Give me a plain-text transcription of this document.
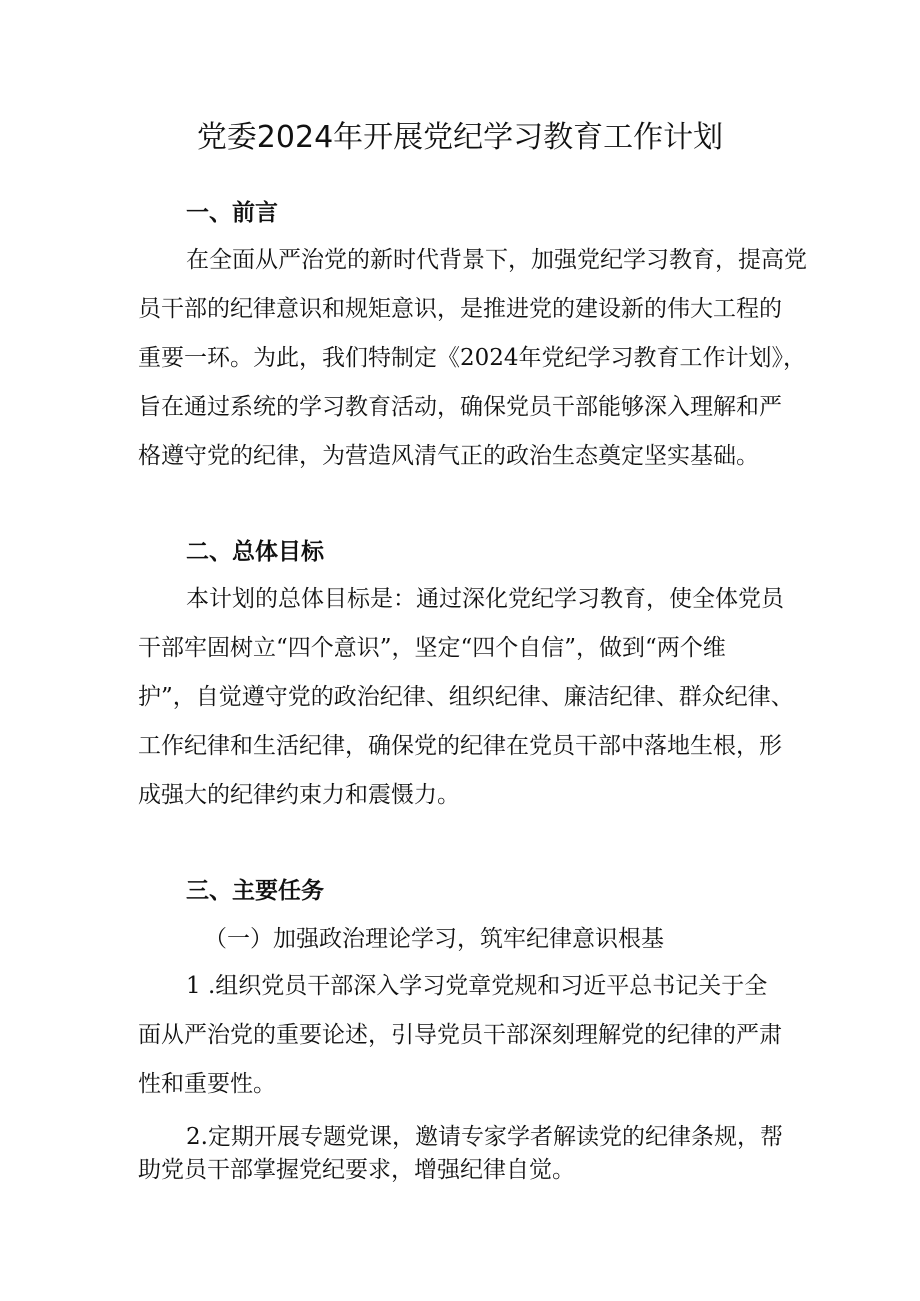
党委2024年开展党纪学习教育工作计划
一、前言
在全面从严治党的新时代背景下，加强党纪学习教育，提高党
员干部的纪律意识和规矩意识，是推进党的建设新的伟大工程的
重要一环。为此，我们特制定《2024年党纪学习教育工作计划》，
旨在通过系统的学习教育活动，确保党员干部能够深入理解和严
格遵守党的纪律，为营造风清气正的政治生态奠定坚实基础。
二、总体目标
本计划的总体目标是：通过深化党纪学习教育，使全体党员
干部牢固树立“四个意识”，坚定“四个自信”，做到“两个维
护”，自觉遵守党的政治纪律、组织纪律、廉洁纪律、群众纪律、
工作纪律和生活纪律，确保党的纪律在党员干部中落地生根，形
成强大的纪律约束力和震慑力。
三、主要任务
（一）加强政治理论学习，筑牢纪律意识根基
1 .组织党员干部深入学习党章党规和习近平总书记关于全
面从严治党的重要论述，引导党员干部深刻理解党的纪律的严肃
性和重要性。
2.定期开展专题党课，邀请专家学者解读党的纪律条规，帮
助党员干部掌握党纪要求，增强纪律自觉。
